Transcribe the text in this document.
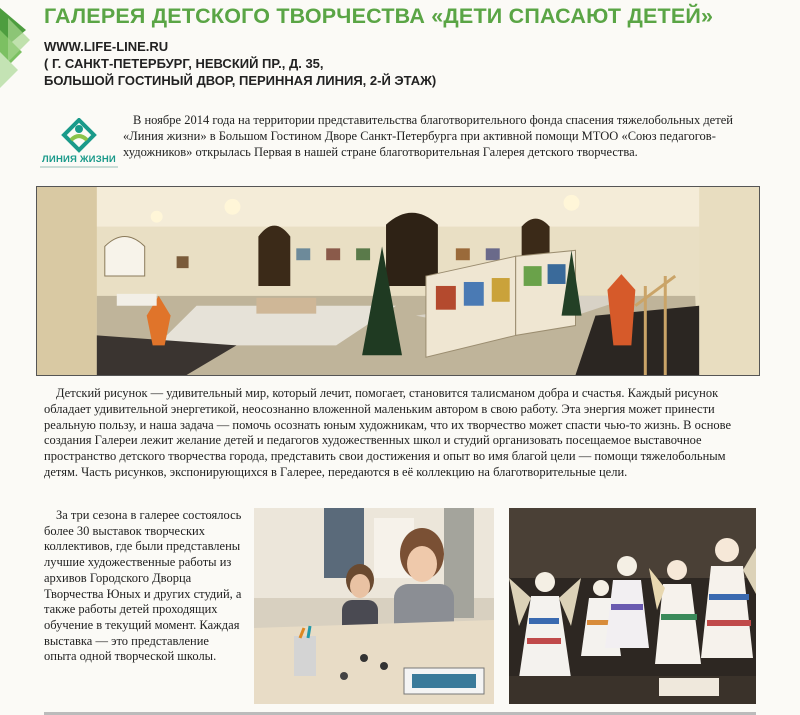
ГАЛЕРЕЯ ДЕТСКОГО ТВОРЧЕСТВА «ДЕТИ СПАСАЮТ ДЕТЕЙ»
WWW.LIFE-LINE.RU
( Г. САНКТ-ПЕТЕРБУРГ, НЕВСКИЙ ПР., Д. 35,
БОЛЬШОЙ ГОСТИНЫЙ ДВОР, ПЕРИННАЯ ЛИНИЯ, 2-Й ЭТАЖ)
ЛИНИЯ ЖИЗНИ
В ноябре 2014 года на территории представительства благотворительного фонда спасения тяжелобольных детей «Линия жизни» в Большом Гостином Дворе Санкт-Петербурга при активной помощи МТОО «Союз педагогов-художников» открылась Первая в нашей стране благотворительная Галерея детского творчества.
Детский рисунок — удивительный мир, который лечит, помогает, становится талисманом добра и счастья. Каждый рисунок обладает удивительной энергетикой, неосознанно вложенной маленьким автором в свою работу. Эта энергия может принести реальную пользу, и наша задача — помочь осознать юным художникам, что их творчество может спасти чью-то жизнь. В основе создания Галереи лежит желание детей и педагогов художественных школ и студий организовать посещаемое выставочное пространство детского творчества города, представить свои достижения и опыт во имя благой цели — помощи тяжелобольным детям. Часть рисунков, экспонирующихся в Галерее, передаются в её коллекцию на благотворительные цели.
За три сезона в галерее состоялось более 30 выставок творческих коллективов, где были представлены лучшие художественные работы из архивов Городского Дворца Творчества Юных и других студий, а также работы детей проходящих обучение в текущий момент. Каждая выставка — это представление опыта одной творческой школы.
